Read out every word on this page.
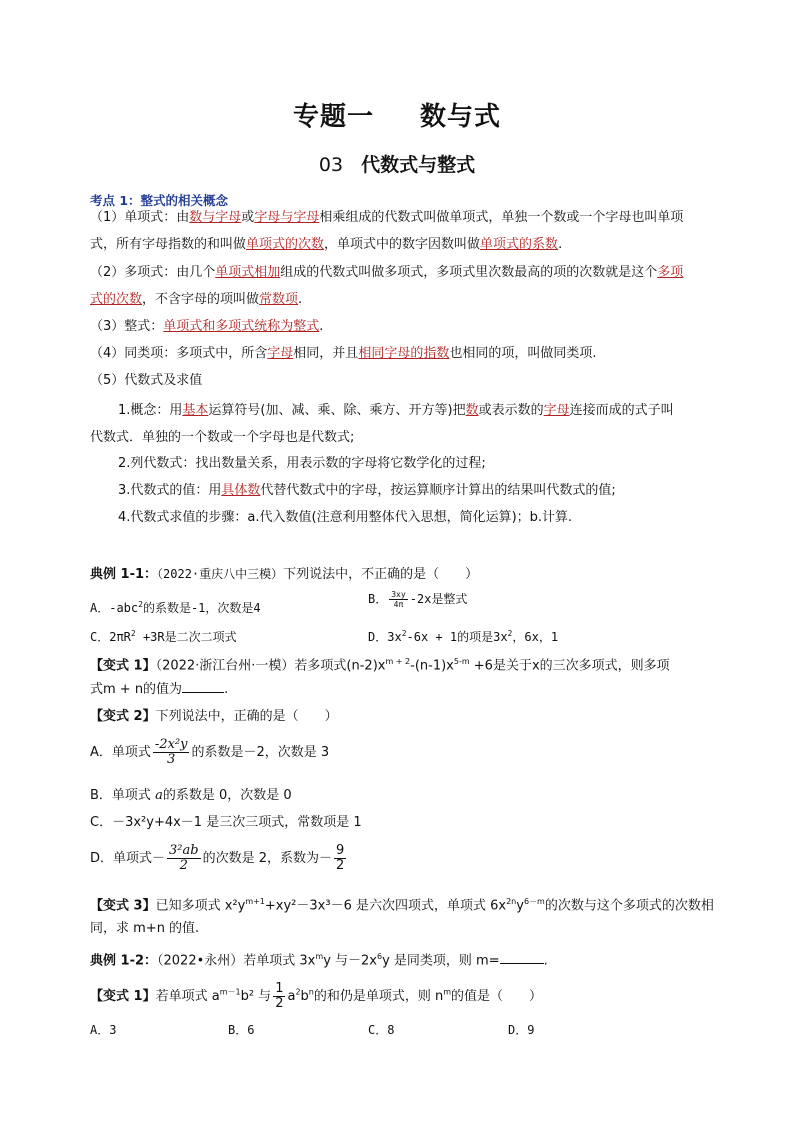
专题一 数与式
03 代数式与整式
考点 1：整式的相关概念
（1）单项式：由数与字母或字母与字母相乘组成的代数式叫做单项式，单独一个数或一个字母也叫单项
式，所有字母指数的和叫做单项式的次数，单项式中的数字因数叫做单项式的系数.
（2）多项式：由几个单项式相加组成的代数式叫做多项式，多项式里次数最高的项的次数就是这个多项
式的次数，不含字母的项叫做常数项.
（3）整式：单项式和多项式统称为整式.
（4）同类项：多项式中，所含字母相同，并且相同字母的指数也相同的项，叫做同类项.
（5）代数式及求值
1.概念：用基本运算符号(加、减、乘、除、乘方、开方等)把数或表示数的字母连接而成的式子叫
代数式．单独的一个数或一个字母也是代数式;
2.列代数式：找出数量关系，用表示数的字母将它数学化的过程;
3.代数式的值：用具体数代替代数式中的字母，按运算顺序计算出的结果叫代数式的值;
4.代数式求值的步骤：a.代入数值(注意利用整体代入思想，简化运算)；b.计算.
典例 1-1：（2022·重庆八中三模）下列说法中，不正确的是（　　）
A．-abc$^2$的系数是-1，次数是4
B． $\frac{3xy}{4\pi} -2x$是整式
C．$2\pi R^2 +3R$是二次二项式	D．$3x^2-6x + 1$的项是$3x^2$，6x，1
【变式 1】（2022·浙江台州·一模）若多项式$(n-2)x^{m + 2}-(n-1)x^{5-m} +6$是关于x的三次多项式，则多项
式m + n的值为	.
【变式 2】下列说法中，正确的是（　　）
A．单项式 $\frac{\text{-2x²y}}{3}$ 的系数是－2，次数是 3
B．单项式 a的系数是 0，次数是 0
C．－3x²y+4x－1 是三次三项式，常数项是 1
D．单项式－ $\frac{\text{3²ab}}{2}$ 的次数是 2，系数为－ $\frac{9}{2}$
【变式 3】已知多项式 $x^2y^{m+1}+xy^2-3x^3-6$ 是六次四项式，单项式 $6x^{2n}y^{6-m}$的次数与这个多项式的次数相
同，求 m+n 的值.
典例 1-2：（2022•永州）若单项式 $3x^my$ 与$-2x^6y$ 是同类项，则 m=	.
【变式 1】若单项式 $a^{m-1}b^2$ 与 $\frac{1}{2} a^2b^n$的和仍是单项式，则 $n^m$的值是（　　）
A．3	B．6	C．8	D．9
